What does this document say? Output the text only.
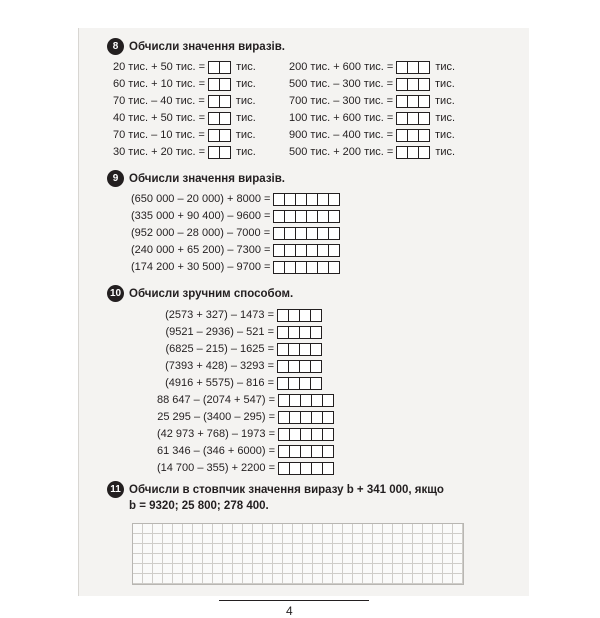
8 Обчисли значення виразів.
20 тис. + 50 тис. =	тис.
60 тис. + 10 тис. =	тис.
70 тис. – 40 тис. =	тис.
40 тис. + 50 тис. =	тис.
70 тис. – 10 тис. =	тис.
30 тис. + 20 тис. =	тис.
200 тис. + 600 тис. =	тис.
500 тис. – 300 тис. =	тис.
700 тис. – 300 тис. =	тис.
100 тис. + 600 тис. =	тис.
900 тис. – 400 тис. =	тис.
500 тис. + 200 тис. =	тис.
9 Обчисли значення виразів.
(650 000 – 20 000) + 8000 =
(335 000 + 90 400) – 9600 =
(952 000 – 28 000) – 7000 =
(240 000 + 65 200) – 7300 =
(174 200 + 30 500) – 9700 =
10 Обчисли зручним способом.
(2573 + 327) – 1473 =
(9521 – 2936) – 521 =
(6825 – 215) – 1625 =
(7393 + 428) – 3293 =
(4916 + 5575) – 816 =
88 647 – (2074 + 547) =
25 295 – (3400 – 295) =
(42 973 + 768) – 1973 =
61 346 – (346 + 6000) =
(14 700 – 355) + 2200 =
11 Обчисли в стовпчик значення виразу b + 341 000, якщо
b = 9320; 25 800; 278 400.
4
